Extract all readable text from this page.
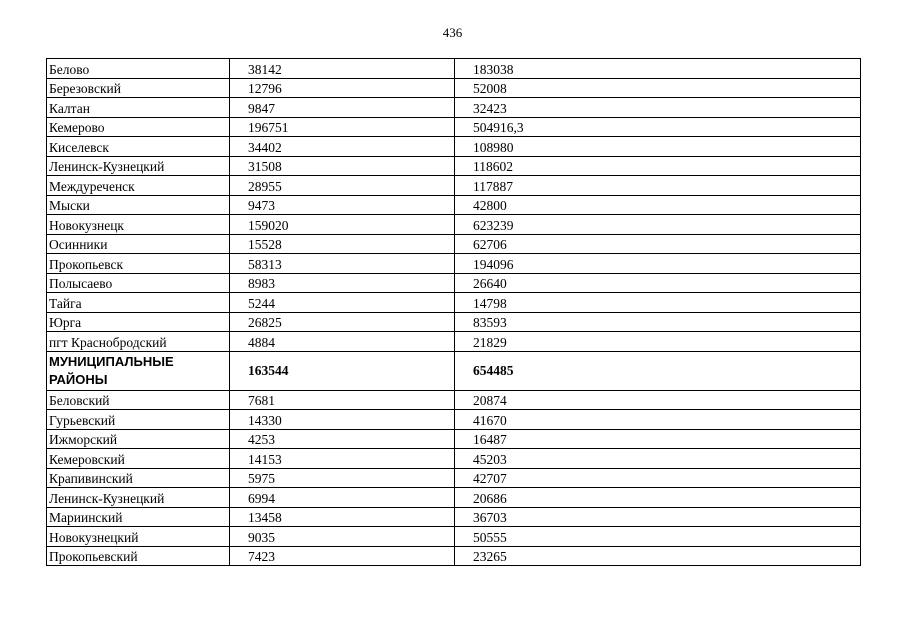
436
Белово	38142	183038
Березовский	12796	52008
Калтан	9847	32423
Кемерово	196751	504916,3
Киселевск	34402	108980
Ленинск-Кузнецкий	31508	118602
Междуреченск	28955	117887
Мыски	9473	42800
Новокузнецк	159020	623239
Осинники	15528	62706
Прокопьевск	58313	194096
Полысаево	8983	26640
Тайга	5244	14798
Юрга	26825	83593
пгт Краснобродский	4884	21829
МУНИЦИПАЛЬНЫЕ РАЙОНЫ	163544	654485
Беловский	7681	20874
Гурьевский	14330	41670
Ижморский	4253	16487
Кемеровский	14153	45203
Крапивинский	5975	42707
Ленинск-Кузнецкий	6994	20686
Мариинский	13458	36703
Новокузнецкий	9035	50555
Прокопьевский	7423	23265
